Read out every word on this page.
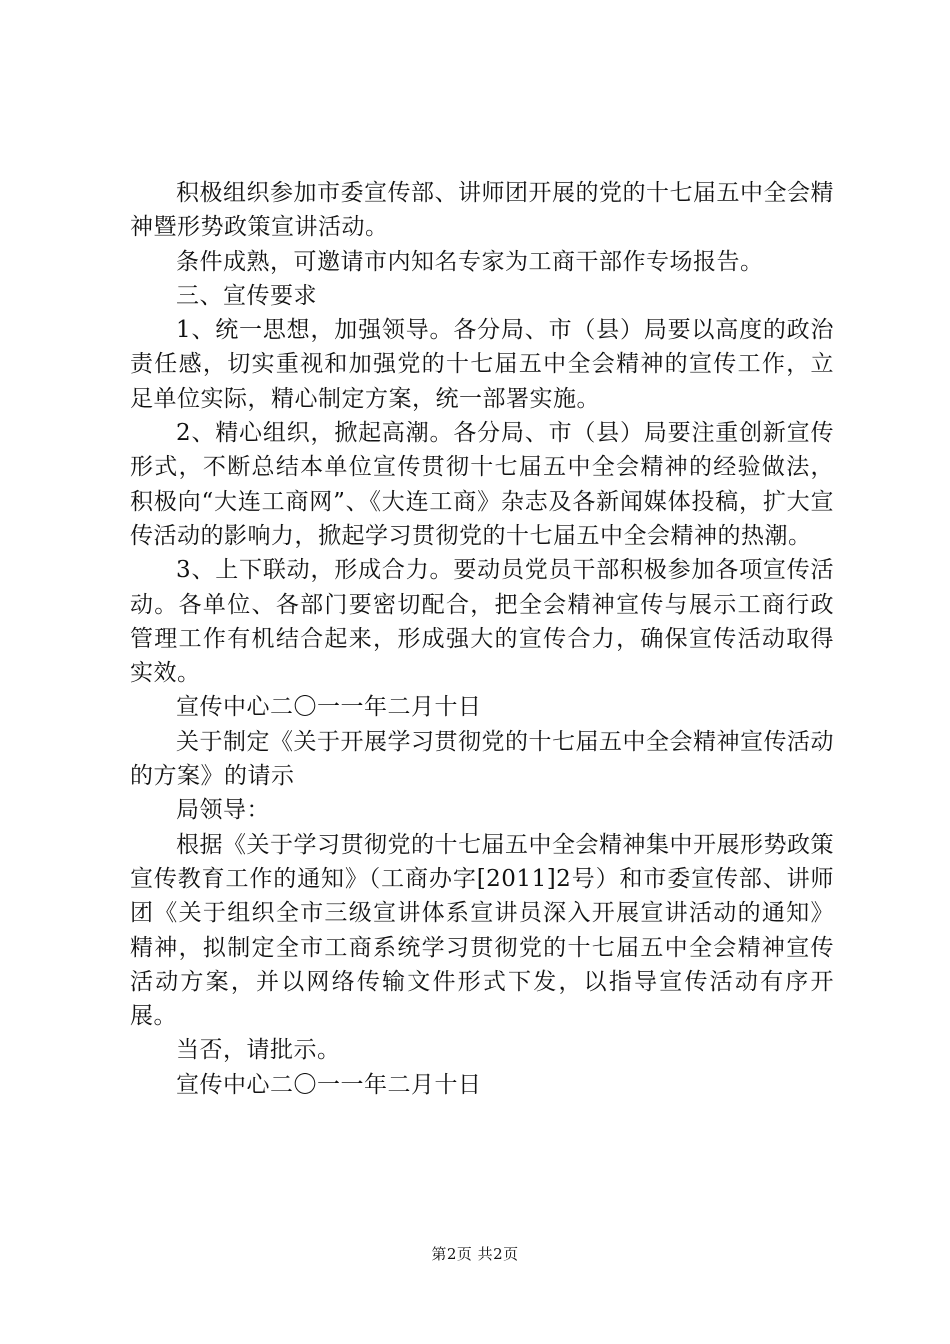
积极组织参加市委宣传部、讲师团开展的党的十七届五中全会精神暨形势政策宣讲活动。

条件成熟，可邀请市内知名专家为工商干部作专场报告。

三、宣传要求

1、统一思想，加强领导。各分局、市（县）局要以高度的政治责任感，切实重视和加强党的十七届五中全会精神的宣传工作，立足单位实际，精心制定方案，统一部署实施。

2、精心组织，掀起高潮。各分局、市（县）局要注重创新宣传形式，不断总结本单位宣传贯彻十七届五中全会精神的经验做法，积极向“大连工商网”、《大连工商》杂志及各新闻媒体投稿，扩大宣传活动的影响力，掀起学习贯彻党的十七届五中全会精神的热潮。

3、上下联动，形成合力。要动员党员干部积极参加各项宣传活动。各单位、各部门要密切配合，把全会精神宣传与展示工商行政管理工作有机结合起来，形成强大的宣传合力，确保宣传活动取得实效。

宣传中心二〇一一年二月十日

关于制定《关于开展学习贯彻党的十七届五中全会精神宣传活动的方案》的请示

局领导：

根据《关于学习贯彻党的十七届五中全会精神集中开展形势政策宣传教育工作的通知》（工商办字[2011]2号）和市委宣传部、讲师团《关于组织全市三级宣讲体系宣讲员深入开展宣讲活动的通知》精神，拟制定全市工商系统学习贯彻党的十七届五中全会精神宣传活动方案，并以网络传输文件形式下发，以指导宣传活动有序开展。

当否，请批示。

宣传中心二〇一一年二月十日

第2页 共2页
